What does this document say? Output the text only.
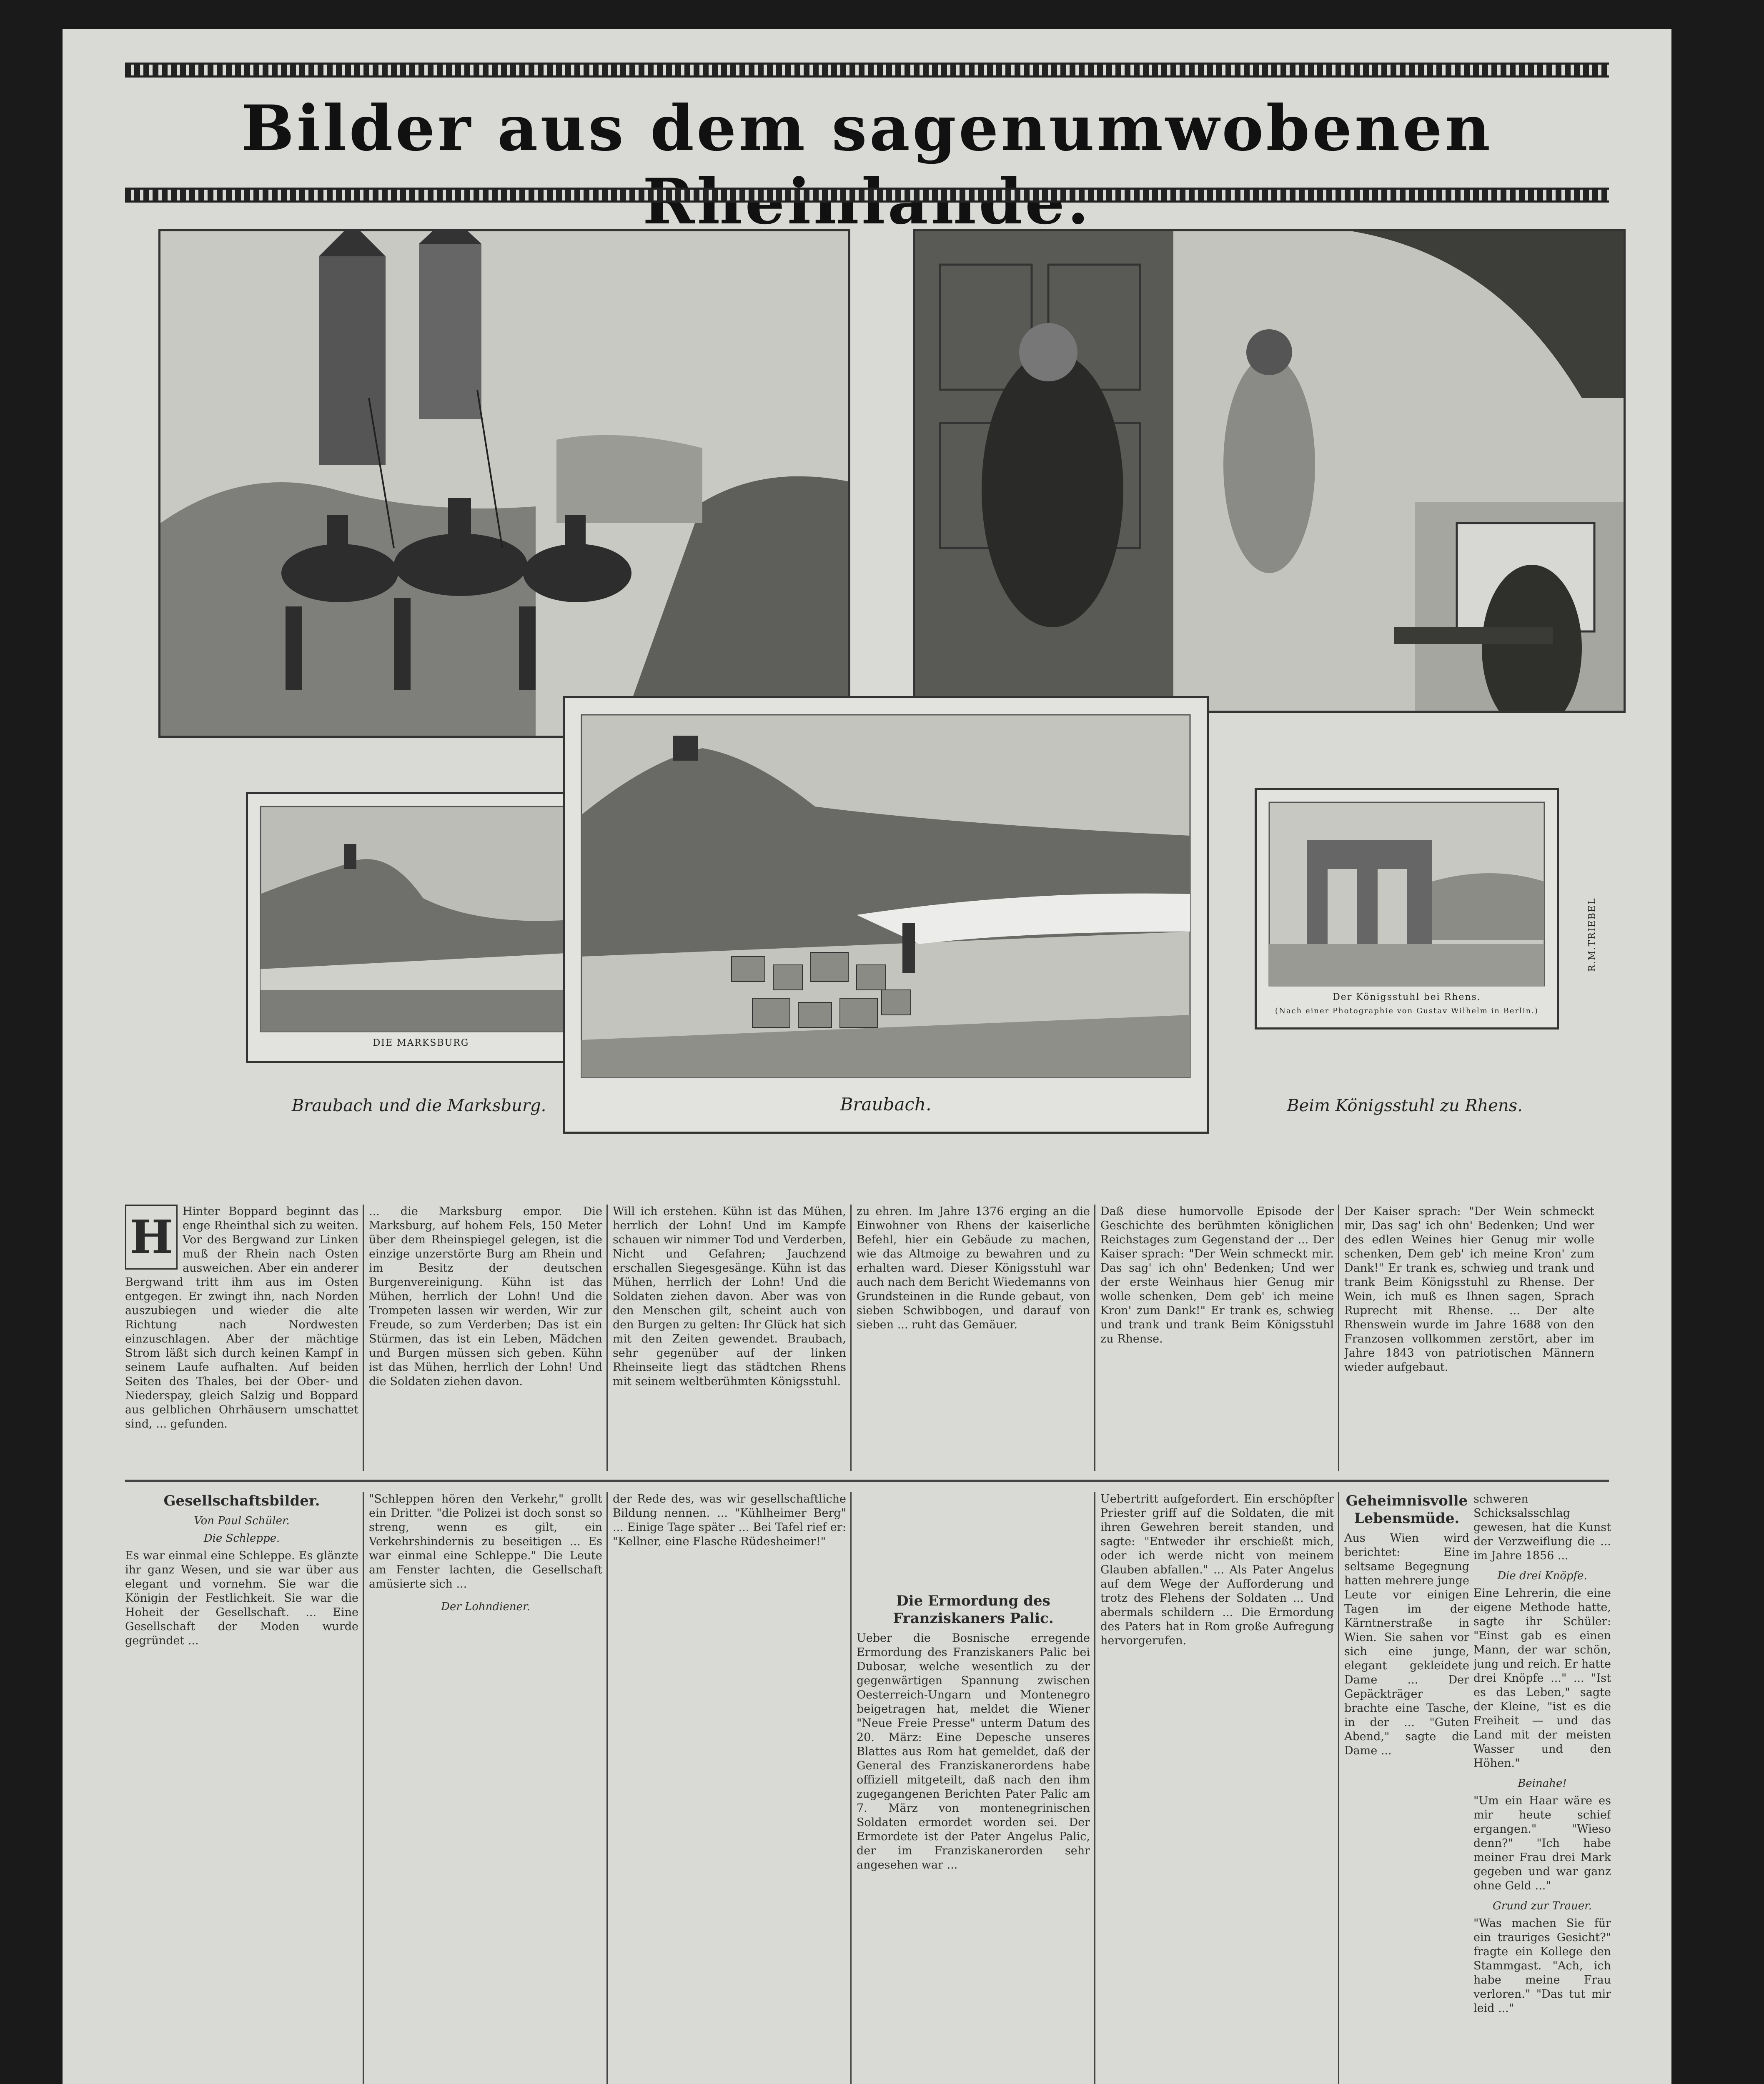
Bilder aus dem sagenumwobenen
DIE MARKSBURG
Braubach und die Marksburg.	Braubach.
Der Königsstuhl bei Rhens.
(Nach einer Photographie von Gustav Wilhelm in Berlin.)
Beim Königsstuhl zu Rhens.
R.M.TRIEBEL
H Hinter Boppard beginnt das enge Rheinthal sich zu weiten. Vor des Bergwand zur Linken muß der Rhein nach Osten ausweichen. Aber ein anderer Bergwand tritt ihm aus im Osten entgegen. Er zwingt ihn, nach Norden auszubiegen und wieder die alte Richtung nach Nordwesten einzuschlagen. Aber der mächtige Strom läßt sich durch keinen Kampf in seinem Laufe aufhalten. Auf beiden Seiten des Thales, bei der Ober- und Niederspay, gleich Salzig und Boppard aus gelblichen Ohrhäusern umschattet sind, ... gefunden.
... die Marksburg empor. Die Marksburg, auf hohem Fels, 150 Meter über dem Rheinspiegel gelegen, ist die einzige unzerstörte Burg am Rhein und im Besitz der deutschen Burgenvereinigung. Kühn ist das Mühen, herrlich der Lohn! Und die Trompeten lassen wir werden, Wir zur Freude, so zum Verderben; Das ist ein Stürmen, das ist ein Leben, Mädchen und Burgen müssen sich geben. Kühn ist das Mühen, herrlich der Lohn! Und die Soldaten ziehen davon.
Will ich erstehen. Kühn ist das Mühen, herrlich der Lohn! Und im Kampfe schauen wir nimmer Tod und Verderben, Nicht und Gefahren; Jauchzend erschallen Siegesgesänge. Kühn ist das Mühen, herrlich der Lohn! Und die Soldaten ziehen davon. Aber was von den Menschen gilt, scheint auch von den Burgen zu gelten: Ihr Glück hat sich mit den Zeiten gewendet. Braubach, sehr gegenüber auf der linken Rheinseite liegt das städtchen Rhens mit seinem weltberühmten Königsstuhl.
zu ehren. Im Jahre 1376 erging an die Einwohner von Rhens der kaiserliche Befehl, hier ein Gebäude zu machen, wie das Altmoige zu bewahren und zu erhalten ward. Dieser Königsstuhl war auch nach dem Bericht Wiedemanns von Grundsteinen in die Runde gebaut, von sieben Schwibbogen, und darauf von sieben ... ruht das Gemäuer.
Daß diese humorvolle Episode der Geschichte des berühmten königlichen Reichstages zum Gegenstand der ... Der Kaiser sprach: "Der Wein schmeckt mir. Das sag' ich ohn' Bedenken; Und wer der erste Weinhaus hier Genug mir wolle schenken, Dem geb' ich meine Kron' zum Dank!" Er trank es, schwieg und trank und trank Beim Königsstuhl zu Rhense.
Der Kaiser sprach: "Der Wein schmeckt mir, Das sag' ich ohn' Bedenken; Und wer des edlen Weines hier Genug mir wolle schenken, Dem geb' ich meine Kron' zum Dank!" Er trank es, schwieg und trank und trank Beim Königsstuhl zu Rhense. Der Wein, ich muß es Ihnen sagen, Sprach Ruprecht mit Rhense. ... Der alte Rhenswein wurde im Jahre 1688 von den Franzosen vollkommen zerstört, aber im Jahre 1843 von patriotischen Männern wieder aufgebaut.
Gesellschaftsbilder.
Von Paul Schüler.
Die Schleppe.
Es war einmal eine Schleppe. Es glänzte ihr ganz Wesen, und sie war über aus elegant und vornehm. Sie war die Königin der Festlichkeit. Sie war die Hoheit der Gesellschaft. ... Eine Gesellschaft der Moden wurde gegründet ...
"Schleppen hören den Verkehr," grollt ein Dritter. "die Polizei ist doch sonst so streng, wenn es gilt, ein Verkehrshindernis zu beseitigen ... Es war einmal eine Schleppe." Die Leute am Fenster lachten, die Gesellschaft amüsierte sich ...
Der Lohndiener.
der Rede des, was wir gesellschaftliche Bildung nennen. ... "Kühlheimer Berg" ... Einige Tage später ... Bei Tafel rief er: "Kellner, eine Flasche Rüdesheimer!"
Die Ermordung des Franziskaners Palic.
Ueber die Bosnische erregende Ermordung des Franziskaners Palic bei Dubosar, welche wesentlich zu der gegenwärtigen Spannung zwischen Oesterreich-Ungarn und Montenegro beigetragen hat, meldet die Wiener "Neue Freie Presse" unterm Datum des 20. März: Eine Depesche unseres Blattes aus Rom hat gemeldet, daß der General des Franziskanerordens habe offiziell mitgeteilt, daß nach den ihm zugegangenen Berichten Pater Palic am 7. März von montenegrinischen Soldaten ermordet worden sei. Der Ermordete ist der Pater Angelus Palic, der im Franziskanerorden sehr angesehen war ...
Uebertritt aufgefordert. Ein erschöpfter Priester griff auf die Soldaten, die mit ihren Gewehren bereit standen, und sagte: "Entweder ihr erschießt mich, oder ich werde nicht von meinem Glauben abfallen." ... Als Pater Angelus auf dem Wege der Aufforderung und trotz des Flehens der Soldaten ... Und abermals schildern ... Die Ermordung des Paters hat in Rom große Aufregung hervorgerufen.
Geheimnisvolle Lebensmüde.
Aus Wien wird berichtet: Eine seltsame Begegnung hatten mehrere junge Leute vor einigen Tagen im der Kärntnerstraße in Wien. Sie sahen vor sich eine junge, elegant gekleidete Dame ... Der Gepäckträger brachte eine Tasche, in der ... "Guten Abend," sagte die Dame ...
schweren Schicksalsschlag gewesen, hat die Kunst der Verzweiflung die ... im Jahre 1856 ...
Die drei Knöpfe.
Eine Lehrerin, die eine eigene Methode hatte, sagte ihr Schüler: "Einst gab es einen Mann, der war schön, jung und reich. Er hatte drei Knöpfe ..." ... "Ist es das Leben," sagte der Kleine, "ist es die Freiheit — und das Land mit der meisten Wasser und den Höhen."
Beinahe!
"Um ein Haar wäre es mir heute schief ergangen." "Wieso denn?" "Ich habe meiner Frau drei Mark gegeben und war ganz ohne Geld ..."
Grund zur Trauer.
"Was machen Sie für ein trauriges Gesicht?" fragte ein Kollege den Stammgast. "Ach, ich habe meine Frau verloren." "Das tut mir leid ..."
